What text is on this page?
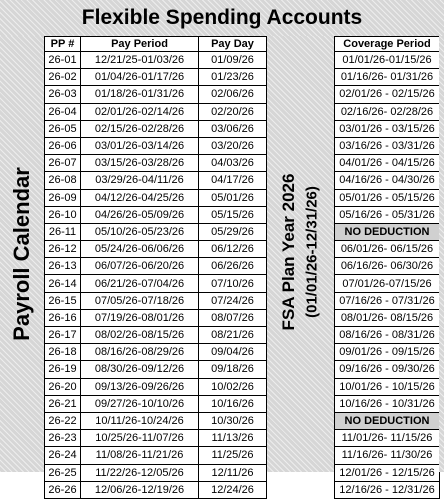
Flexible Spending Accounts
Payroll Calendar
PP #	Pay Period	Pay Day
26-01	12/21/25-01/03/26	01/09/26
26-02	01/04/26-01/17/26	01/23/26
26-03	01/18/26-01/31/26	02/06/26
26-04	02/01/26-02/14/26	02/20/26
26-05	02/15/26-02/28/26	03/06/26
26-06	03/01/26-03/14/26	03/20/26
26-07	03/15/26-03/28/26	04/03/26
26-08	03/29/26-04/11/26	04/17/26
26-09	04/12/26-04/25/26	05/01/26
26-10	04/26/26-05/09/26	05/15/26
26-11	05/10/26-05/23/26	05/29/26
26-12	05/24/26-06/06/26	06/12/26
26-13	06/07/26-06/20/26	06/26/26
26-14	06/21/26-07/04/26	07/10/26
26-15	07/05/26-07/18/26	07/24/26
26-16	07/19/26-08/01/26	08/07/26
26-17	08/02/26-08/15/26	08/21/26
26-18	08/16/26-08/29/26	09/04/26
26-19	08/30/26-09/12/26	09/18/26
26-20	09/13/26-09/26/26	10/02/26
26-21	09/27/26-10/10/26	10/16/26
26-22	10/11/26-10/24/26	10/30/26
26-23	10/25/26-11/07/26	11/13/26
26-24	11/08/26-11/21/26	11/25/26
26-25	11/22/26-12/05/26	12/11/26
26-26	12/06/26-12/19/26	12/24/26
FSA Plan Year 2026 (01/01/26-12/31/26)
Coverage Period
01/01/26-01/15/26
01/16/26- 01/31/26
02/01/26 - 02/15/26
02/16/26- 02/28/26
03/01/26 - 03/15/26
03/16/26 - 03/31/26
04/01/26 - 04/15/26
04/16/26 - 04/30/26
05/01/26 - 05/15/26
05/16/26 - 05/31/26
NO DEDUCTION
06/01/26- 06/15/26
06/16/26- 06/30/26
07/01/26-07/15/26
07/16/26 - 07/31/26
08/01/26- 08/15/26
08/16/26 - 08/31/26
09/01/26 - 09/15/26
09/16/26 - 09/30/26
10/01/26 - 10/15/26
10/16/26 - 10/31/26
NO DEDUCTION
11/01/26- 11/15/26
11/16/26- 11/30/26
12/01/26 - 12/15/26
12/16/26 - 12/31/26
